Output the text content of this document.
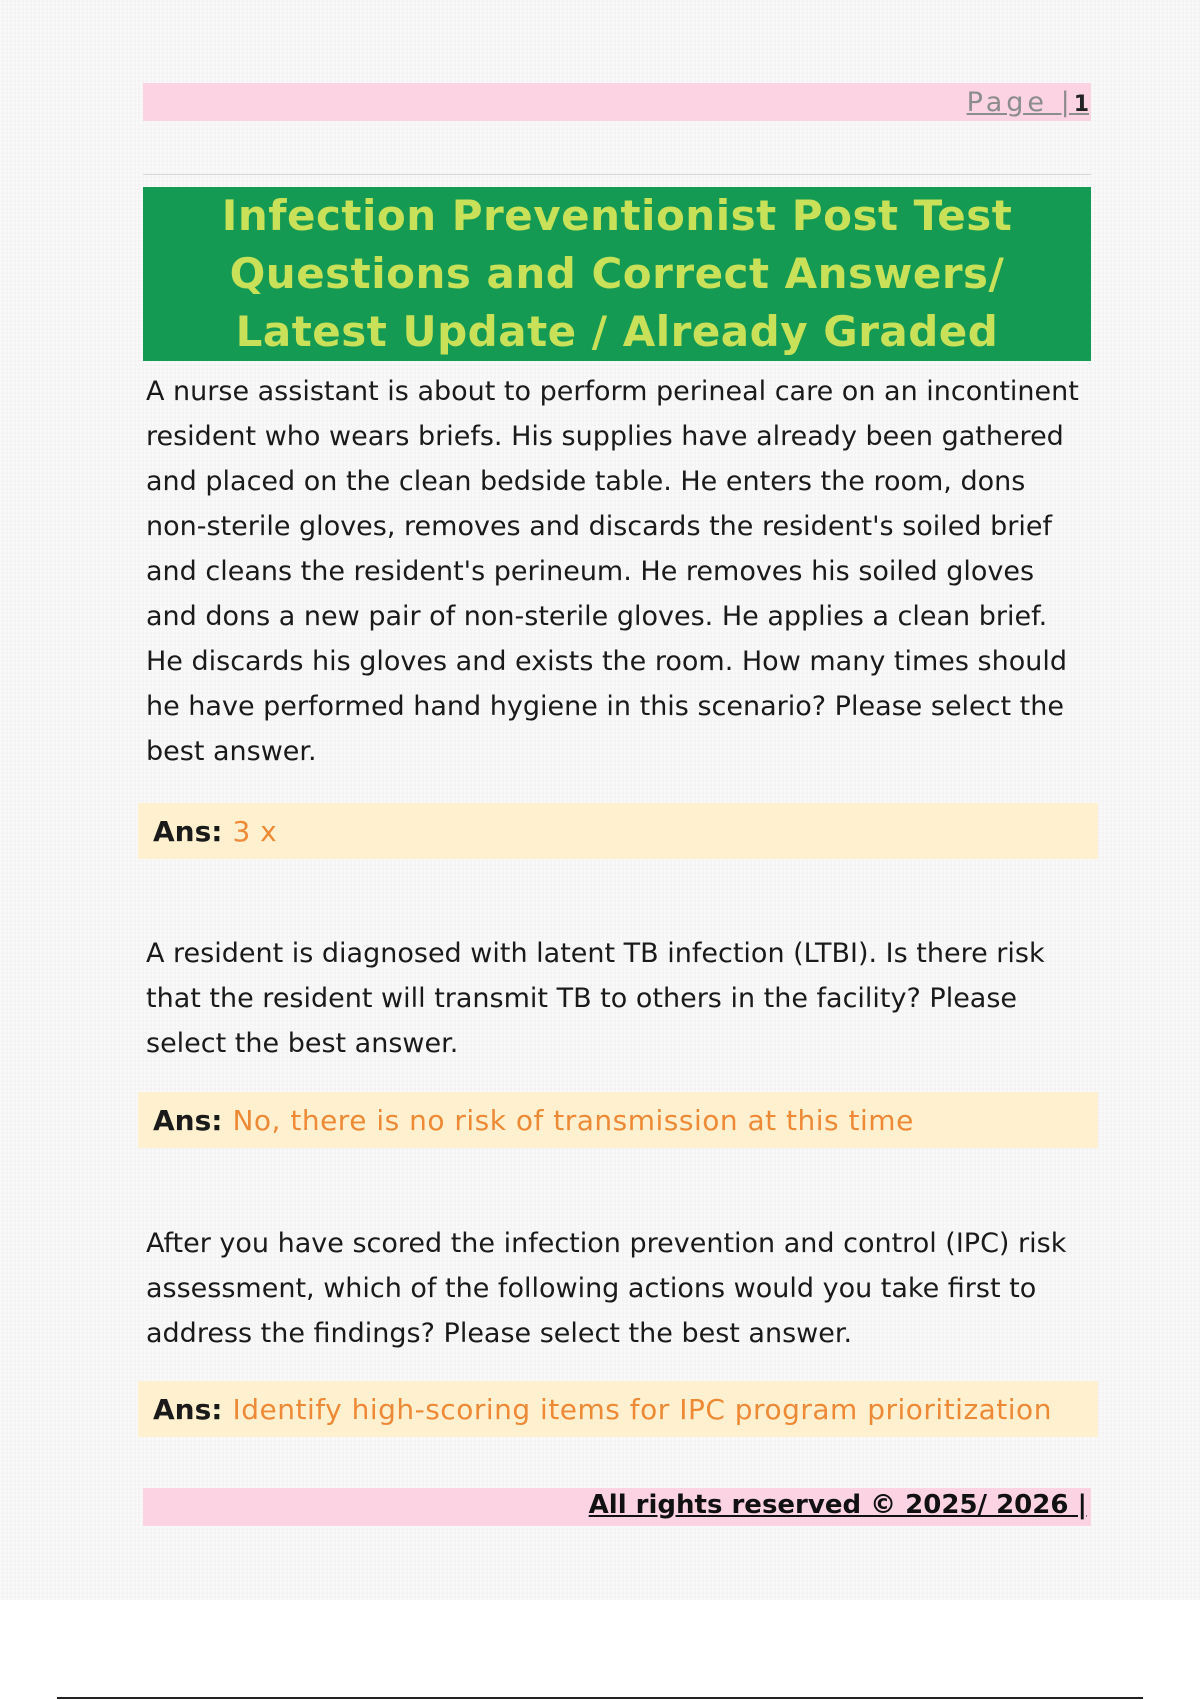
Page |1
Infection Preventionist Post Test Questions and Correct Answers/ Latest Update / Already Graded

A nurse assistant is about to perform perineal care on an incontinent resident who wears briefs. His supplies have already been gathered and placed on the clean bedside table. He enters the room, dons non-sterile gloves, removes and discards the resident's soiled brief and cleans the resident's perineum. He removes his soiled gloves and dons a new pair of non-sterile gloves. He applies a clean brief. He discards his gloves and exists the room. How many times should he have performed hand hygiene in this scenario? Please select the best answer.

Ans: 3 x

A resident is diagnosed with latent TB infection (LTBI). Is there risk that the resident will transmit TB to others in the facility? Please select the best answer.

Ans: No, there is no risk of transmission at this time

After you have scored the infection prevention and control (IPC) risk assessment, which of the following actions would you take first to address the findings? Please select the best answer.

Ans: Identify high-scoring items for IPC program prioritization
All rights reserved © 2025/ 2026 |
